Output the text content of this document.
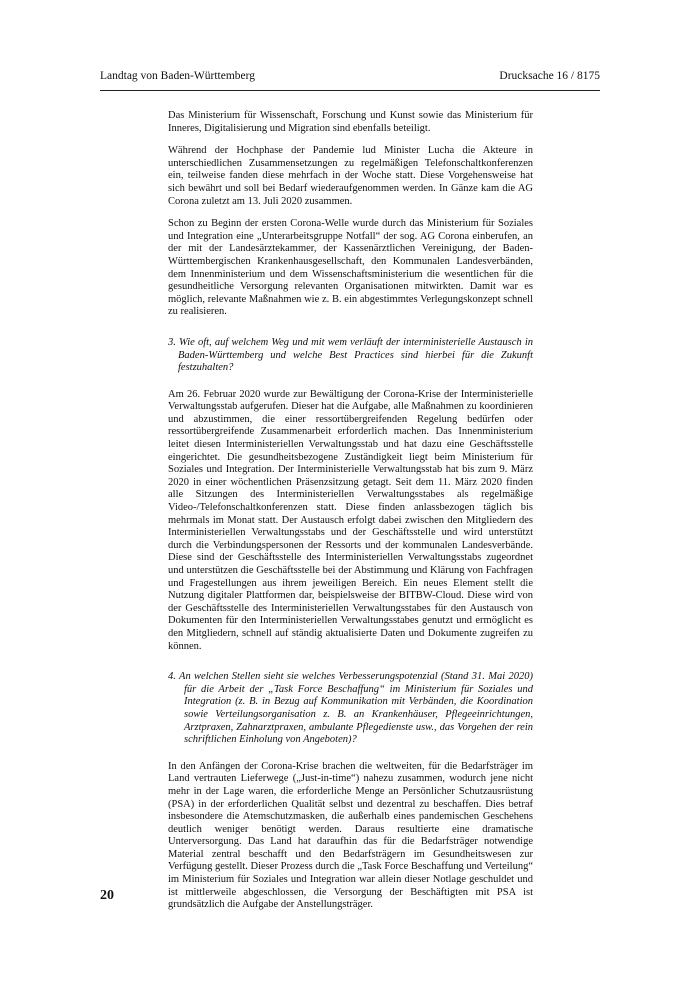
Landtag von Baden-Württemberg	Drucksache 16 / 8175

Das Ministerium für Wissenschaft, Forschung und Kunst sowie das Ministerium für Inneres, Digitalisierung und Migration sind ebenfalls beteiligt.

Während der Hochphase der Pandemie lud Minister Lucha die Akteure in unterschiedlichen Zusammensetzungen zu regelmäßigen Telefonschaltkonferenzen ein, teilweise fanden diese mehrfach in der Woche statt. Diese Vorgehensweise hat sich bewährt und soll bei Bedarf wiederaufgenommen werden. In Gänze kam die AG Corona zuletzt am 13. Juli 2020 zusammen.

Schon zu Beginn der ersten Corona-Welle wurde durch das Ministerium für Soziales und Integration eine „Unterarbeitsgruppe Notfall“ der sog. AG Corona einberufen, an der mit der Landesärztekammer, der Kassenärztlichen Vereinigung, der Baden-Württembergischen Krankenhausgesellschaft, den Kommunalen Landesverbänden, dem Innenministerium und dem Wissenschaftsministerium die wesentlichen für die gesundheitliche Versorgung relevanten Organisationen mitwirkten. Damit war es möglich, relevante Maßnahmen wie z. B. ein abgestimmtes Verlegungskonzept schnell zu realisieren.

3. Wie oft, auf welchem Weg und mit wem verläuft der interministerielle Austausch in Baden-Württemberg und welche Best Practices sind hierbei für die Zukunft festzuhalten?

Am 26. Februar 2020 wurde zur Bewältigung der Corona-Krise der Interministerielle Verwaltungsstab aufgerufen. Dieser hat die Aufgabe, alle Maßnahmen zu koordinieren und abzustimmen, die einer ressortübergreifenden Regelung bedürfen oder ressortübergreifende Zusammenarbeit erforderlich machen. Das Innenministerium leitet diesen Interministeriellen Verwaltungsstab und hat dazu eine Geschäftsstelle eingerichtet. Die gesundheitsbezogene Zuständigkeit liegt beim Ministerium für Soziales und Integration. Der Interministerielle Verwaltungsstab hat bis zum 9. März 2020 in einer wöchentlichen Präsenzsitzung getagt. Seit dem 11. März 2020 finden alle Sitzungen des Interministeriellen Verwaltungsstabes als regelmäßige Video-/Telefonschaltkonferenzen statt. Diese finden anlassbezogen täglich bis mehrmals im Monat statt. Der Austausch erfolgt dabei zwischen den Mitgliedern des Interministeriellen Verwaltungsstabs und der Geschäftsstelle und wird unterstützt durch die Verbindungspersonen der Ressorts und der kommunalen Landesverbände. Diese sind der Geschäftsstelle des Interministeriellen Verwaltungsstabs zugeordnet und unterstützen die Geschäftsstelle bei der Abstimmung und Klärung von Fachfragen und Fragestellungen aus ihrem jeweiligen Bereich. Ein neues Element stellt die Nutzung digitaler Plattformen dar, beispielsweise der BITBW-Cloud. Diese wird von der Geschäftsstelle des Interministeriellen Verwaltungsstabes für den Austausch von Dokumenten für den Interministeriellen Verwaltungsstabes genutzt und ermöglicht es den Mitgliedern, schnell auf ständig aktualisierte Daten und Dokumente zugreifen zu können.

4. An welchen Stellen sieht sie welches Verbesserungspotenzial (Stand 31. Mai 2020) für die Arbeit der „Task Force Beschaffung“ im Ministerium für Soziales und Integration (z. B. in Bezug auf Kommunikation mit Verbänden, die Koordination sowie Verteilungsorganisation z. B. an Krankenhäuser, Pflegeeinrichtungen, Arztpraxen, Zahnarztpraxen, ambulante Pflegedienste usw., das Vorgehen der rein schriftlichen Einholung von Angeboten)?

In den Anfängen der Corona-Krise brachen die weltweiten, für die Bedarfsträger im Land vertrauten Lieferwege („Just-in-time“) nahezu zusammen, wodurch jene nicht mehr in der Lage waren, die erforderliche Menge an Persönlicher Schutzausrüstung (PSA) in der erforderlichen Qualität selbst und dezentral zu beschaffen. Dies betraf insbesondere die Atemschutzmasken, die außerhalb eines pandemischen Geschehens deutlich weniger benötigt werden. Daraus resultierte eine dramatische Unterversorgung. Das Land hat daraufhin das für die Bedarfsträger notwendige Material zentral beschafft und den Bedarfsträgern im Gesundheitswesen zur Verfügung gestellt. Dieser Prozess durch die „Task Force Beschaffung und Verteilung“ im Ministerium für Soziales und Integration war allein dieser Notlage geschuldet und ist mittlerweile abgeschlossen, die Versorgung der Beschäftigten mit PSA ist grundsätzlich die Aufgabe der Anstellungsträger.

20
